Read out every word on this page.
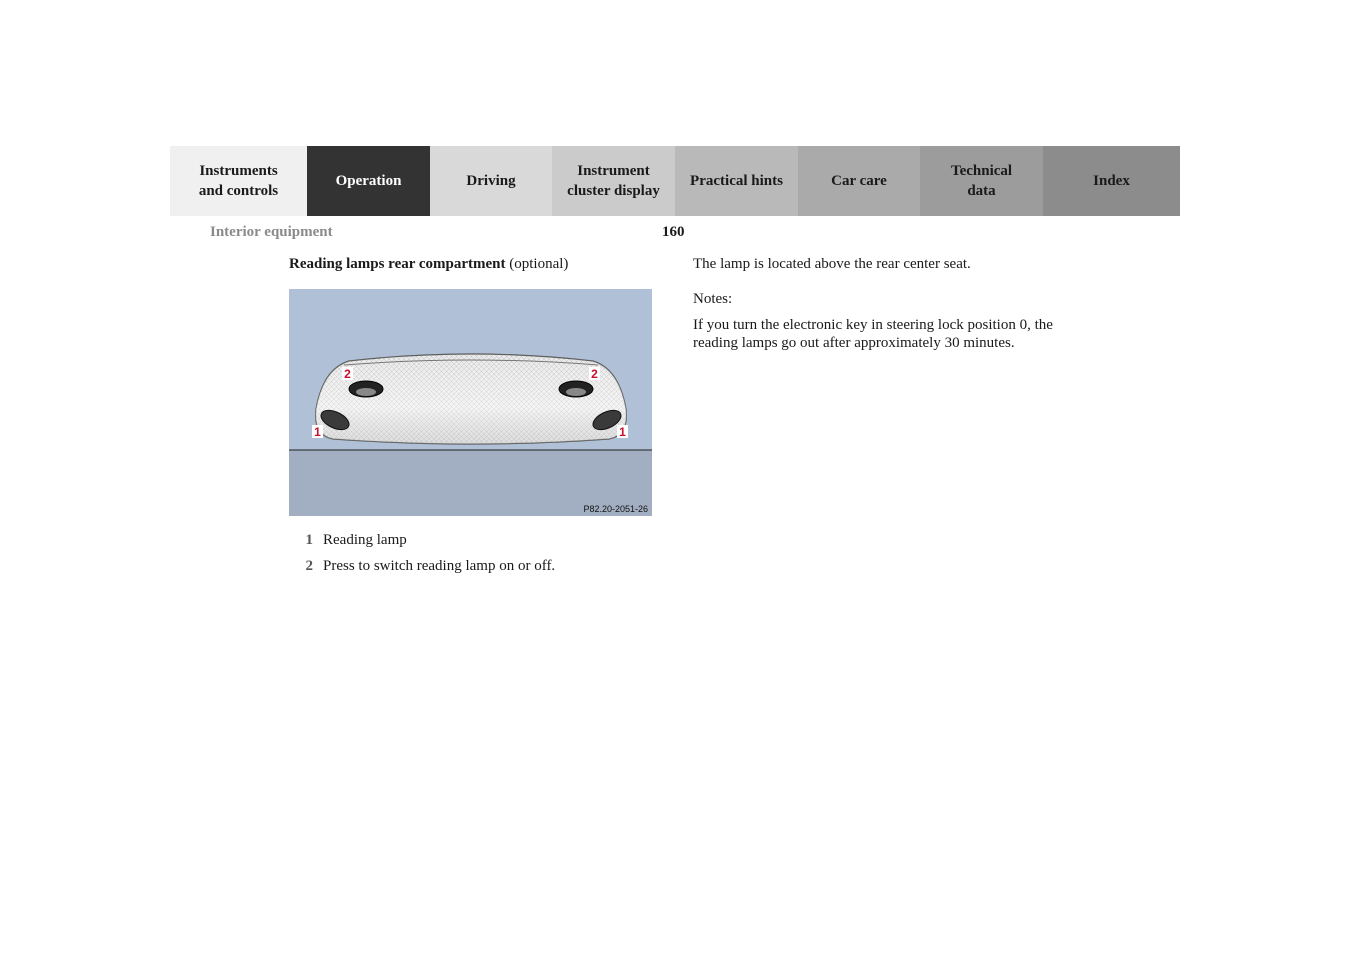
Instruments
and controls
Operation	Driving
Instrument
cluster display
Practical hints	Car care
Technical
data
Index
Interior equipment	160
Reading lamps rear compartment (optional)
2	2
1	1
P82.20-2051-26
1 Reading lamp
2 Press to switch reading lamp on or off.

The lamp is located above the rear center seat.

Notes:

If you turn the electronic key in steering lock position 0, the reading lamps go out after approximately 30 minutes.
